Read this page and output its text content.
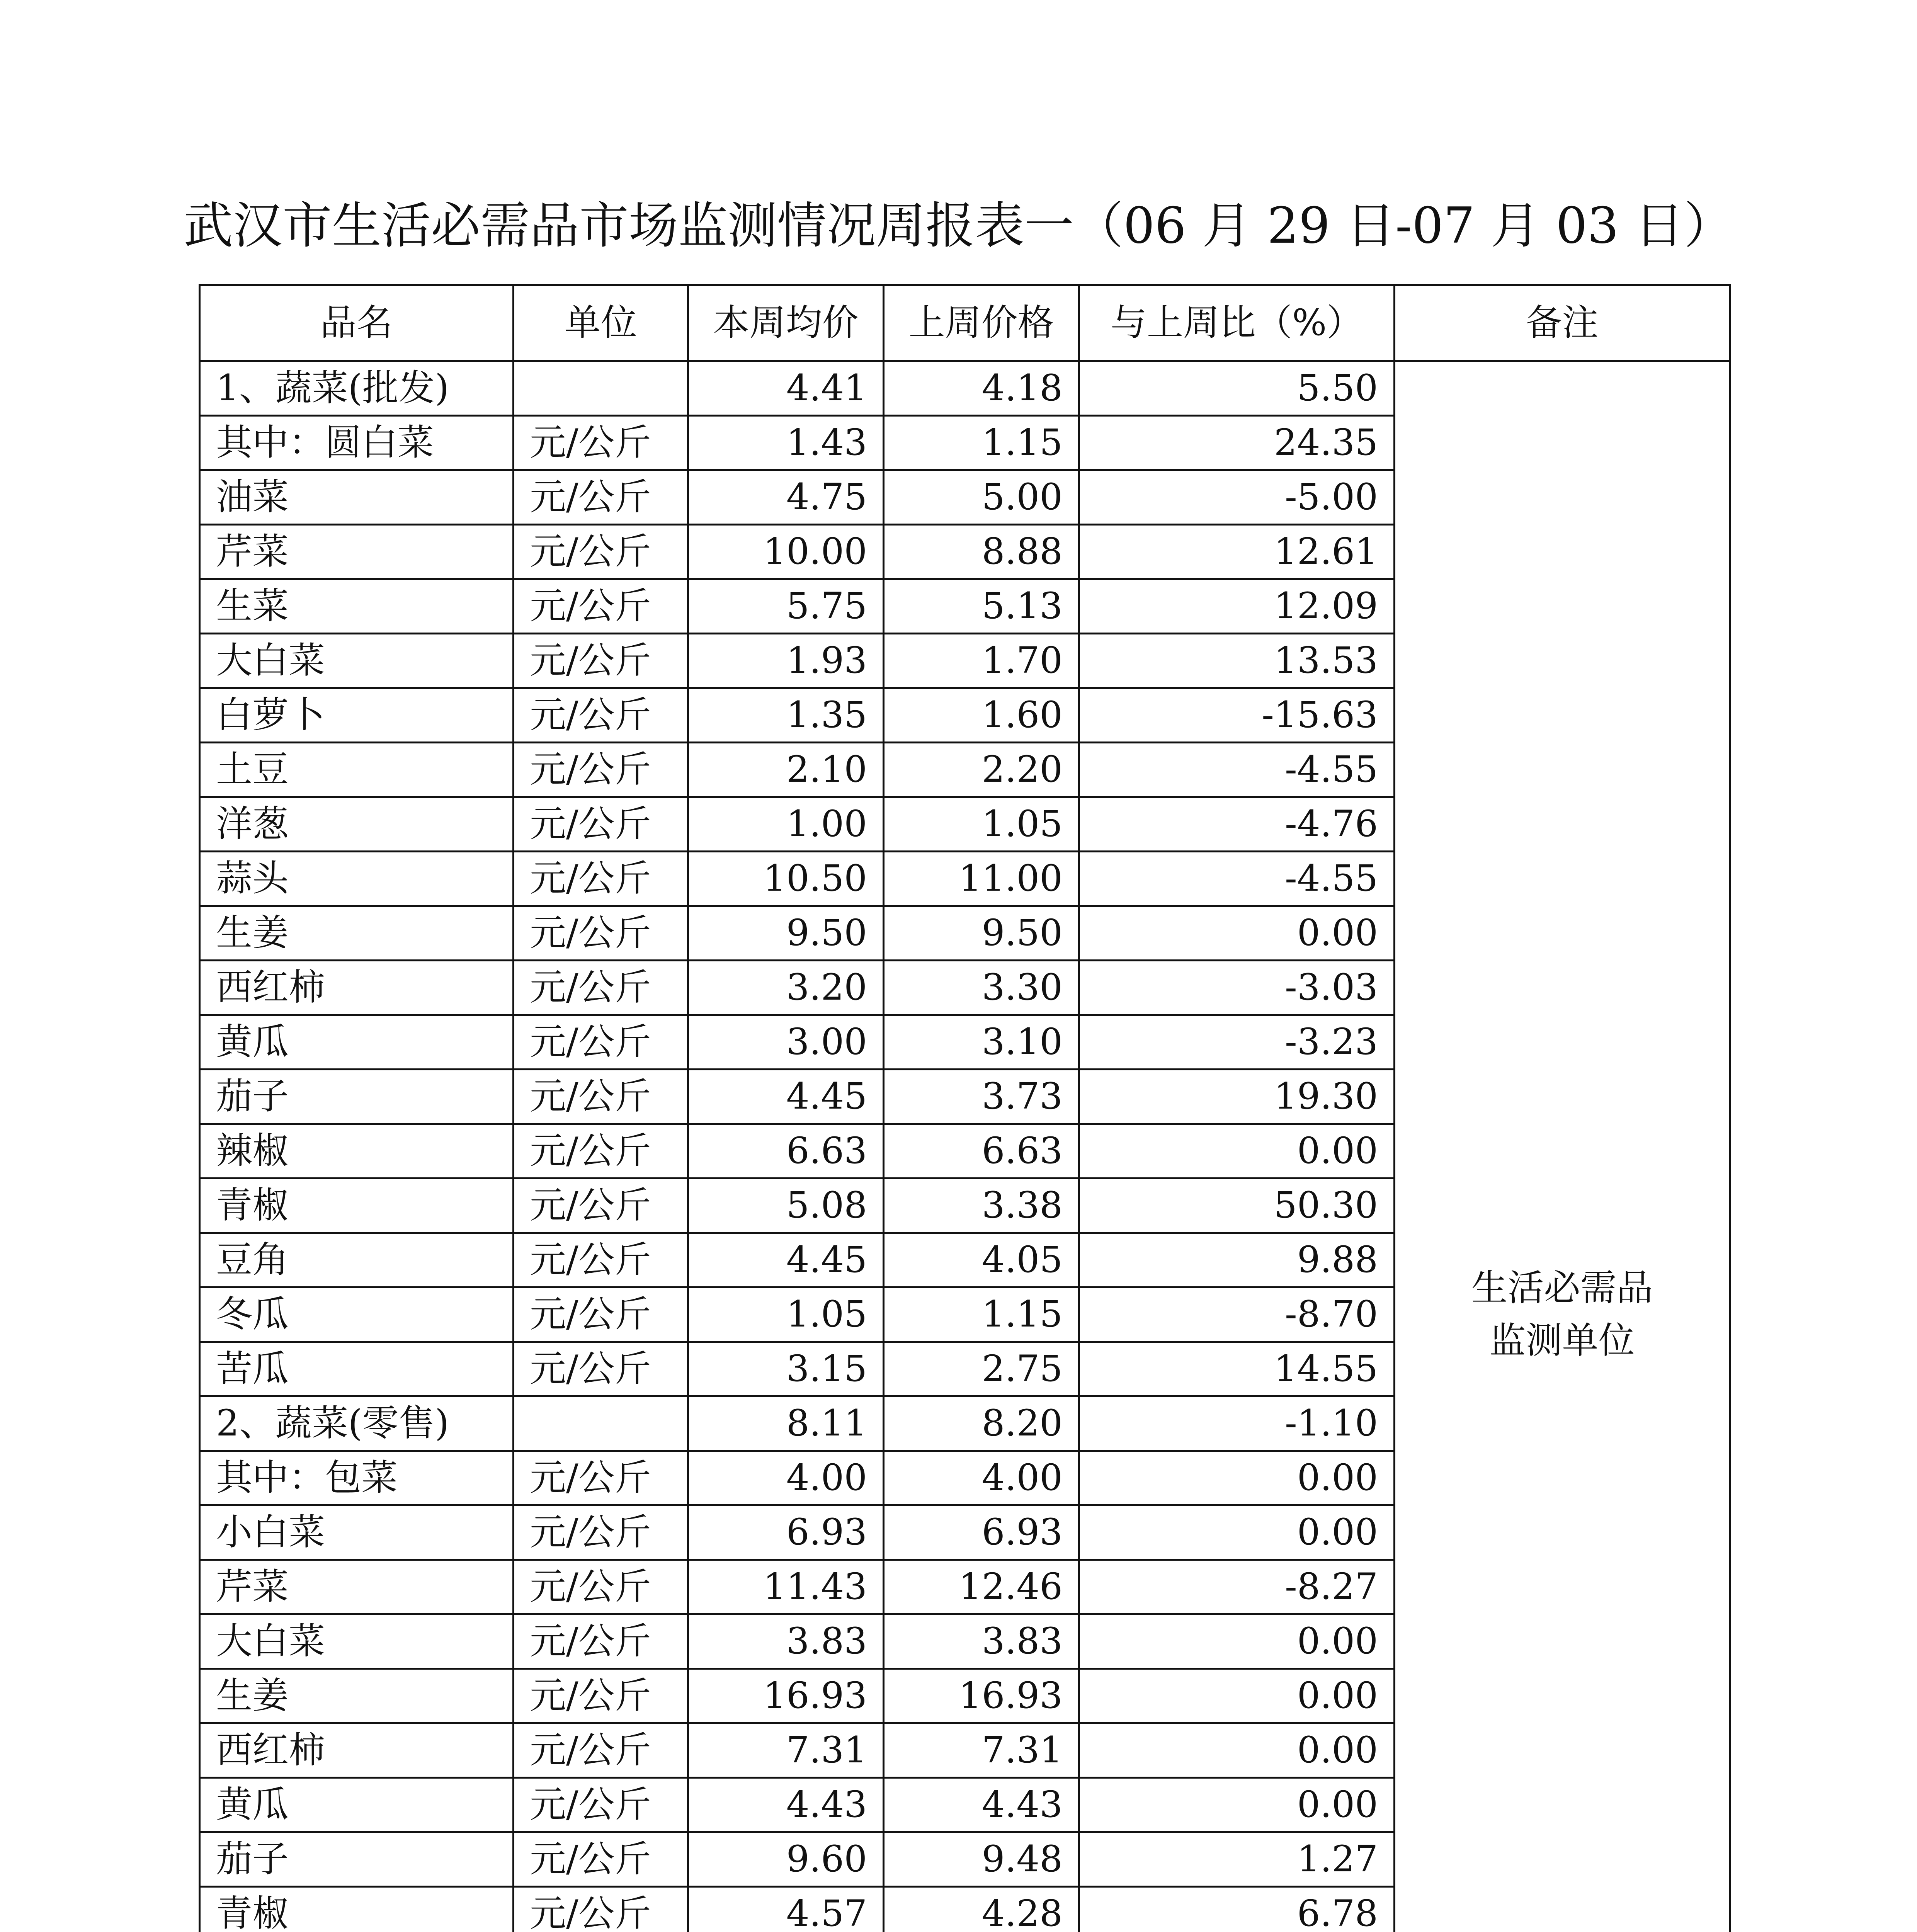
武汉市生活必需品市场监测情况周报表一（06 月 29 日-07 月 03 日）
品名	单位	本周均价	上周价格	与上周比（%）	备注
1、蔬菜(批发)		4.41	4.18	5.50	生活必需品
监测单位

其中：圆白菜	元/公斤	1.43	1.15	24.35	
油菜	元/公斤	4.75	5.00	-5.00	
芹菜	元/公斤	10.00	8.88	12.61	
生菜	元/公斤	5.75	5.13	12.09	
大白菜	元/公斤	1.93	1.70	13.53	
白萝卜	元/公斤	1.35	1.60	-15.63	
土豆	元/公斤	2.10	2.20	-4.55	
洋葱	元/公斤	1.00	1.05	-4.76	
蒜头	元/公斤	10.50	11.00	-4.55	
生姜	元/公斤	9.50	9.50	0.00	
西红柿	元/公斤	3.20	3.30	-3.03	
黄瓜	元/公斤	3.00	3.10	-3.23	
茄子	元/公斤	4.45	3.73	19.30	
辣椒	元/公斤	6.63	6.63	0.00	
青椒	元/公斤	5.08	3.38	50.30	
豆角	元/公斤	4.45	4.05	9.88	
冬瓜	元/公斤	1.05	1.15	-8.70	
苦瓜	元/公斤	3.15	2.75	14.55	
2、蔬菜(零售)		8.11	8.20	-1.10	
其中：包菜	元/公斤	4.00	4.00	0.00	
小白菜	元/公斤	6.93	6.93	0.00	
芹菜	元/公斤	11.43	12.46	-8.27	
大白菜	元/公斤	3.83	3.83	0.00	
生姜	元/公斤	16.93	16.93	0.00	
西红柿	元/公斤	7.31	7.31	0.00	
黄瓜	元/公斤	4.43	4.43	0.00	
茄子	元/公斤	9.60	9.48	1.27	
青椒	元/公斤	4.57	4.28	6.78	
